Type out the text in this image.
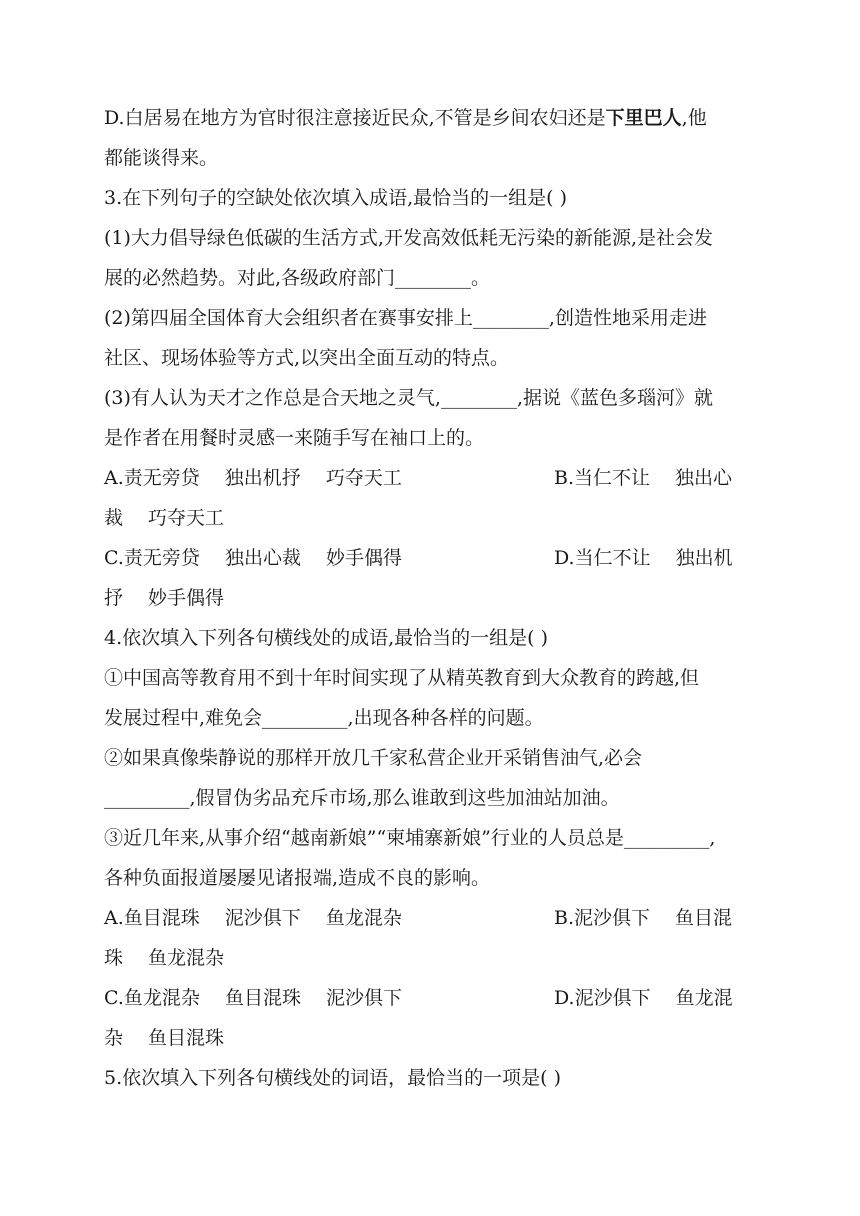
D.白居易在地方为官时很注意接近民众,不管是乡间农妇还是下里巴人,他
都能谈得来。
3.在下列句子的空缺处依次填入成语,最恰当的一组是( )
(1)大力倡导绿色低碳的生活方式,开发高效低耗无污染的新能源,是社会发
展的必然趋势。对此,各级政府部门________。
(2)第四届全国体育大会组织者在赛事安排上________,创造性地采用走进
社区、现场体验等方式,以突出全面互动的特点。
(3)有人认为天才之作总是合天地之灵气,________,据说《蓝色多瑙河》就
是作者在用餐时灵感一来随手写在袖口上的。
A.责无旁贷　 独出机抒　 巧夺天工	B.当仁不让　 独出心
裁　 巧夺天工
C.责无旁贷　 独出心裁　 妙手偶得	D.当仁不让　 独出机
抒　 妙手偶得
4.依次填入下列各句横线处的成语,最恰当的一组是( )
①中国高等教育用不到十年时间实现了从精英教育到大众教育的跨越,但
发展过程中,难免会_________,出现各种各样的问题。
②如果真像柴静说的那样开放几千家私营企业开采销售油气,必会
_________,假冒伪劣品充斥市场,那么谁敢到这些加油站加油。
③近几年来,从事介绍“越南新娘”“柬埔寨新娘”行业的人员总是_________,
各种负面报道屡屡见诸报端,造成不良的影响。
A.鱼目混珠　 泥沙俱下　 鱼龙混杂	B.泥沙俱下　 鱼目混
珠　 鱼龙混杂
C.鱼龙混杂　 鱼目混珠　 泥沙俱下	D.泥沙俱下　 鱼龙混
杂　 鱼目混珠
5.依次填入下列各句横线处的词语，最恰当的一项是( )
